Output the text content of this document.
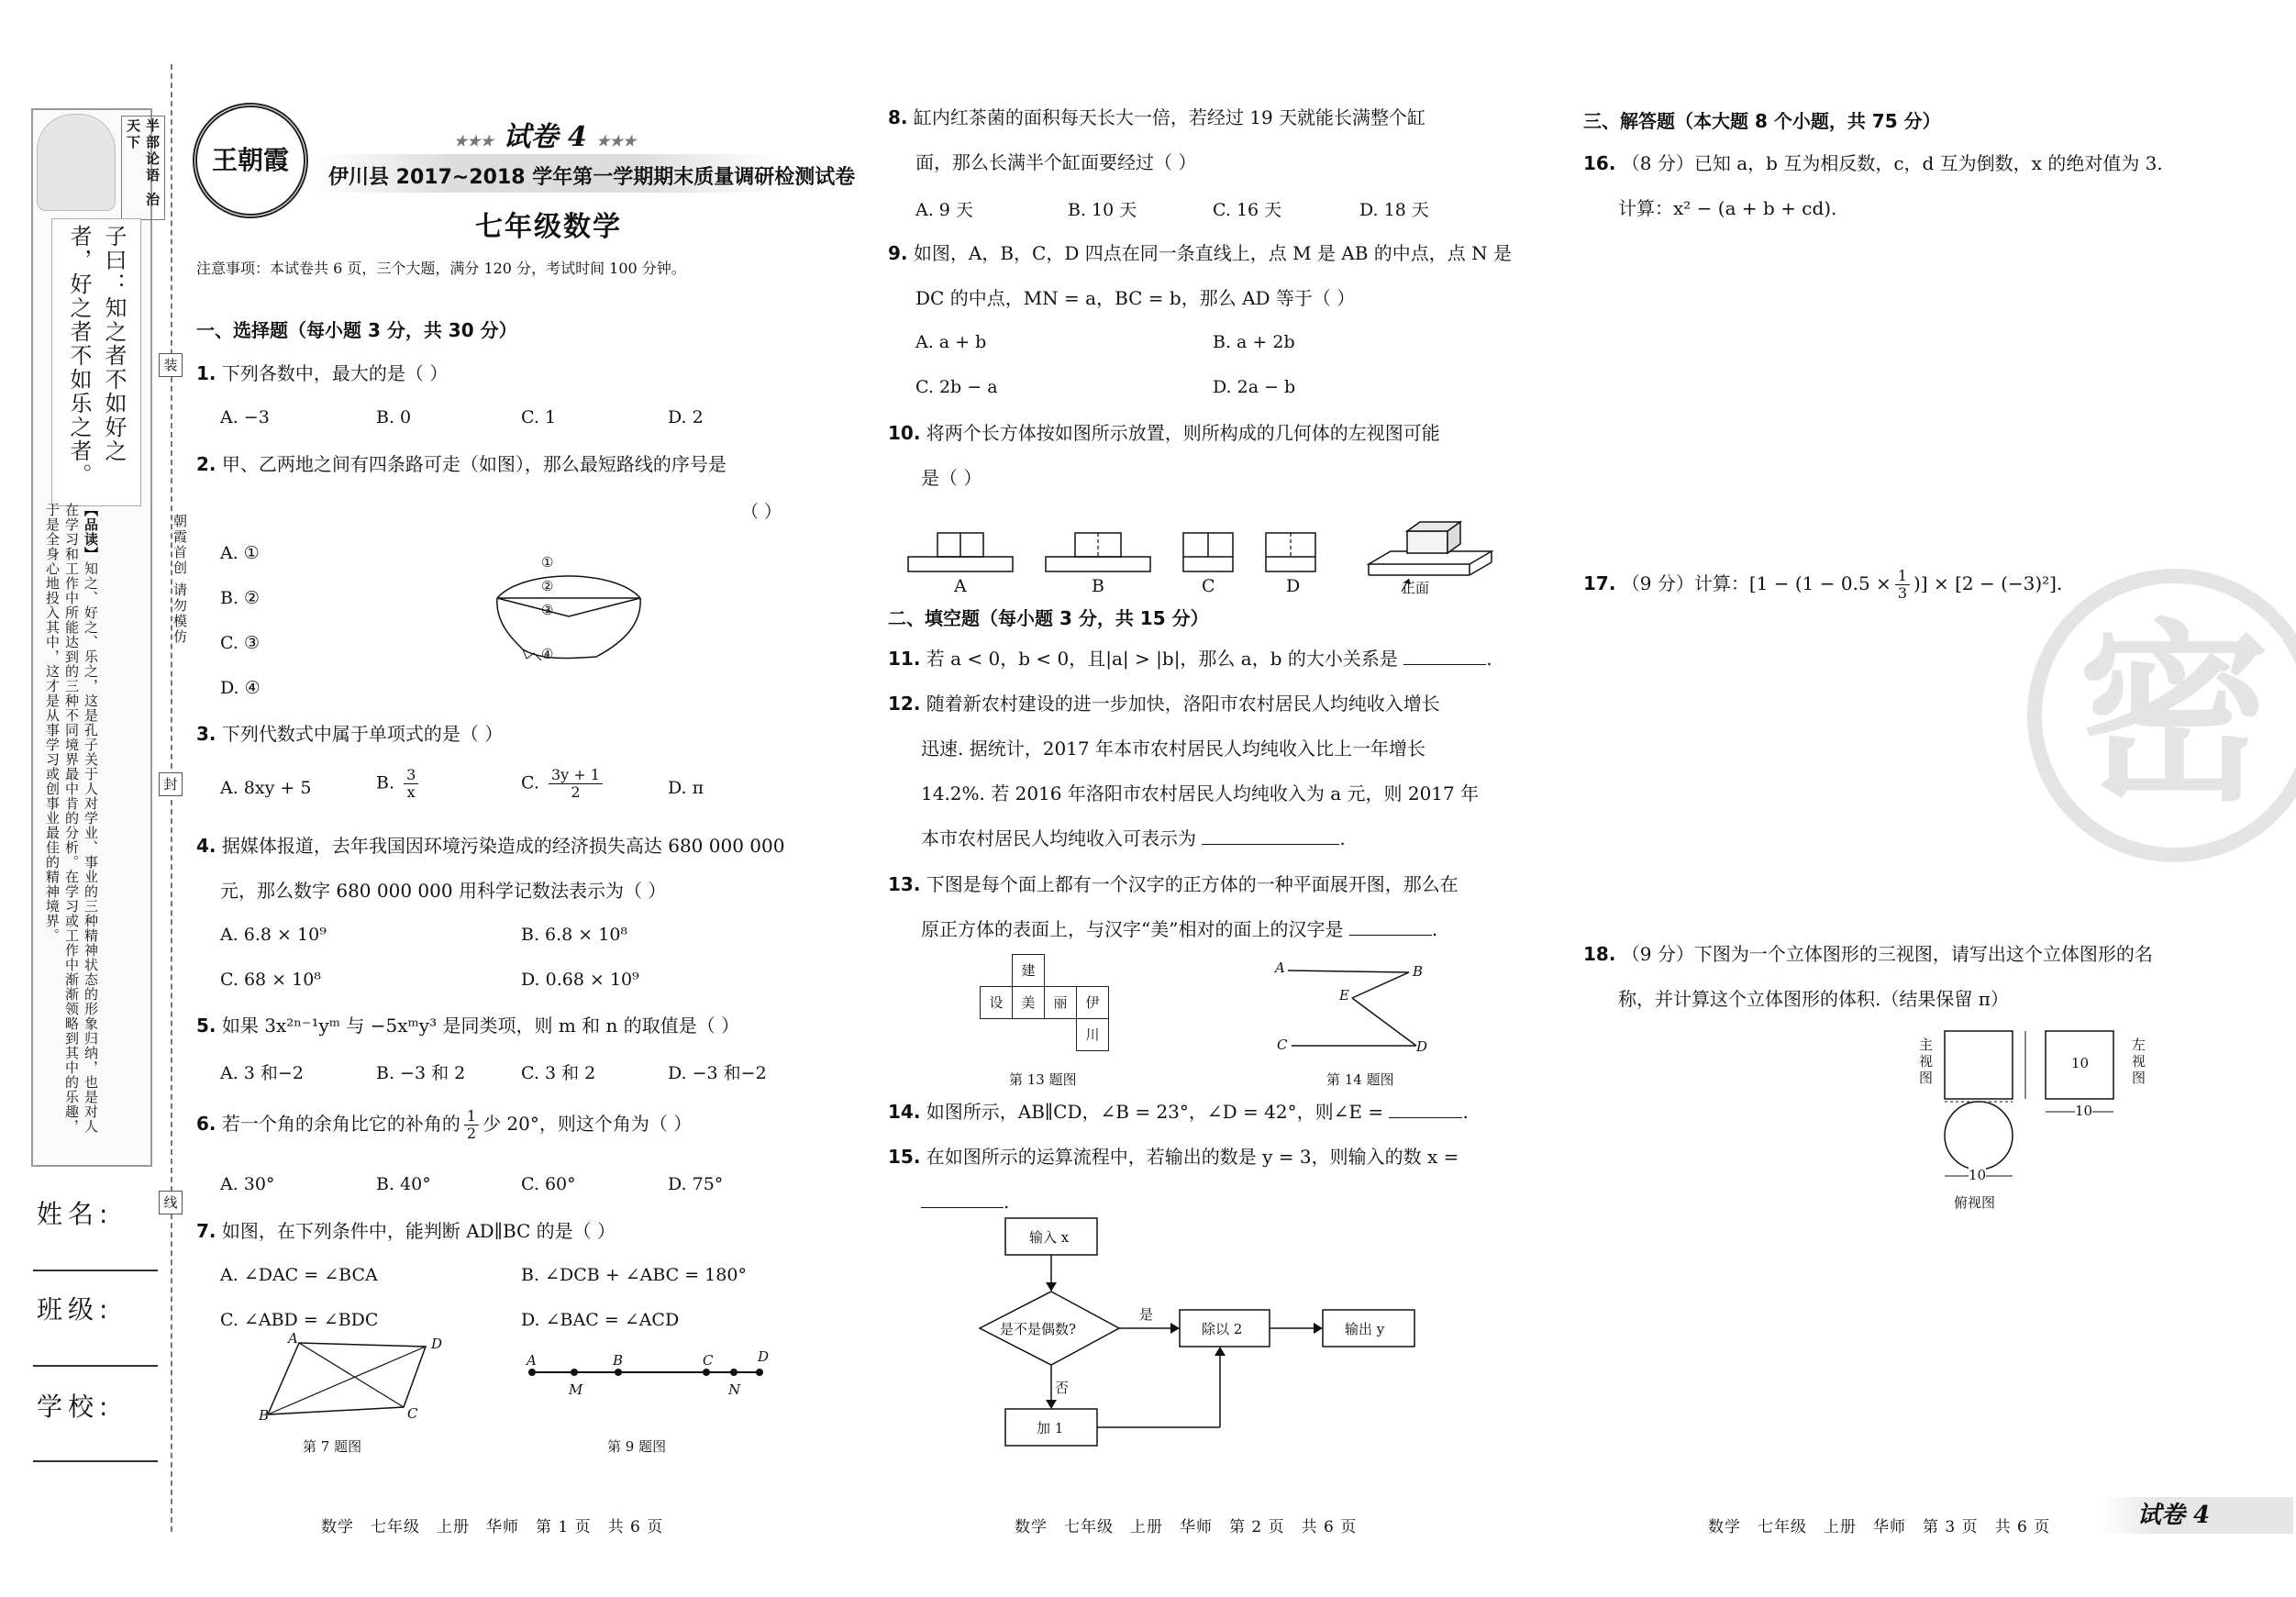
半部论语 治天下
子曰：知之者不如好之者，好之者不如乐之者。
【品读】知之、好之、乐之，这是孔子关于人对学业、事业的三种精神状态的形象归纳，也是对人在学习和工作中所能达到的三种不同境界最中肯的分析。在学习或工作中渐渐领略到其中的乐趣，于是全身心地投入其中，这才是从事学习或创事业最佳的精神境界。	朝霞首创 请勿模仿
装
封
线
姓名:
班级:
学校:
王朝霞
★★★ 试卷 4 ★★★
伊川县 2017~2018 学年第一学期期末质量调研检测试卷
七年级数学
注意事项：本试卷共 6 页，三个大题，满分 120 分，考试时间 100 分钟。
一、选择题（每小题 3 分，共 30 分）
1. 下列各数中，最大的是（ ）
A. −3	B. 0	C. 1	D. 2
2. 甲、乙两地之间有四条路可走（如图），那么最短路线的序号是
（ ）
A. ①
B. ②
C. ③
D. ④
①
②
③
④
3. 下列代数式中属于单项式的是（ ）
A. 8xy + 5	B. $\frac{3}{x}$	C. $\frac{3y + 1}{2}$	D. π
4. 据媒体报道，去年我国因环境污染造成的经济损失高达 680 000 000
元，那么数字 680 000 000 用科学记数法表示为（ ）
A. 6.8 × 10⁹	B. 6.8 × 10⁸
C. 68 × 10⁸	D. 0.68 × 10⁹
5. 如果 3x²ⁿ⁻¹yᵐ 与 −5xᵐy³ 是同类项，则 m 和 n 的取值是（ ）
A. 3 和−2	B. −3 和 2	C. 3 和 2	D. −3 和−2
6. 若一个角的余角比它的补角的 $\frac{1}{2}$ 少 20°，则这个角为（ ）
A. 30°	B. 40°	C. 60°	D. 75°
7. 如图，在下列条件中，能判断 AD∥BC 的是（ ）
A. ∠DAC = ∠BCA	B. ∠DCB + ∠ABC = 180°
C. ∠ABD = ∠BDC	D. ∠BAC = ∠ACD
A	D
B	C
第 7 题图
A	B	C	D
M	N
第 9 题图
数学　七年级　上册　华师　第 1 页　共 6 页
8. 缸内红茶菌的面积每天长大一倍，若经过 19 天就能长满整个缸
面，那么长满半个缸面要经过（ ）
A. 9 天	B. 10 天	C. 16 天	D. 18 天
9. 如图，A，B，C，D 四点在同一条直线上，点 M 是 AB 的中点，点 N 是
DC 的中点，MN = a，BC = b，那么 AD 等于（ ）
A. a + b	B. a + 2b
C. 2b − a	D. 2a − b
10. 将两个长方体按如图所示放置，则所构成的几何体的左视图可能
是（ ）
A	B	C	D	正面
二、填空题（每小题 3 分，共 15 分）
11. 若 a < 0，b < 0，且|a| > |b|，那么 a，b 的大小关系是	.
12. 随着新农村建设的进一步加快，洛阳市农村居民人均纯收入增长
迅速. 据统计，2017 年本市农村居民人均纯收入比上一年增长
14.2%. 若 2016 年洛阳市农村居民人均纯收入为 a 元，则 2017 年
本市农村居民人均纯收入可表示为	.
13. 下图是每个面上都有一个汉字的正方体的一种平面展开图，那么在
原正方体的表面上，与汉字“美”相对的面上的汉字是	.
建
设	美	丽	伊
川
第 13 题图
A	B
E
C	D
第 14 题图
14. 如图所示，AB∥CD，∠B = 23°，∠D = 42°，则∠E =	.
15. 在如图所示的运算流程中，若输出的数是 y = 3，则输入的数 x =
.
输入 x
是不是偶数?
是
否
除以 2	输出 y
加 1
数学　七年级　上册　华师　第 2 页　共 6 页
密
三、解答题（本大题 8 个小题，共 75 分）
16. （8 分）已知 a，b 互为相反数，c，d 互为倒数，x 的绝对值为 3.
计算：x² − (a + b + cd).
17. （9 分）计算：[$1 - (1 - 0.5 \times \frac{1}{3}$ )] × [2 − (−3)²].
18. （9 分）下图为一个立体图形的三视图，请写出这个立体图形的名
称，并计算这个立体图形的体积.（结果保留 π）
主视图
左视图
10
10
10
俯视图
数学　七年级　上册　华师　第 3 页　共 6 页	试卷 4
